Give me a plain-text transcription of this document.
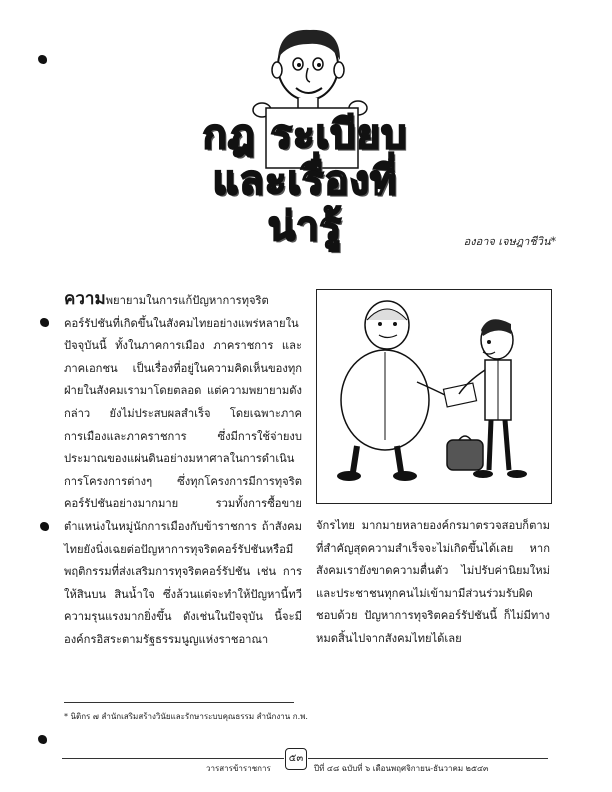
กฎ ระเบียบ
และเรื่องที่น่ารู้	องอาจ เจษฎาชีวิน*

ความพยายามในการแก้ปัญหาการทุจริตคอร์รัปชันที่เกิดขึ้นในสังคมไทยอย่างแพร่หลายในปัจจุบันนี้ ทั้งในภาคการเมือง ภาคราชการ และภาคเอกชน เป็นเรื่องที่อยู่ในความคิดเห็นของทุกฝ่ายในสังคมเรามาโดยตลอด แต่ความพยายามดังกล่าว ยังไม่ประสบผลสำเร็จ โดยเฉพาะภาคการเมืองและภาคราชการ ซึ่งมีการใช้จ่ายงบประมาณของแผ่นดินอย่างมหาศาลในการดำเนินการโครงการต่างๆ ซึ่งทุกโครงการมีการทุจริตคอร์รัปชันอย่างมากมาย รวมทั้งการซื้อขายตำแหน่งในหมู่นักการเมืองกับข้าราชการ ถ้าสังคมไทยยังนิ่งเฉยต่อปัญหาการทุจริตคอร์รัปชันหรือมีพฤติกรรมที่ส่งเสริมการทุจริตคอร์รัปชัน เช่น การให้สินบน สินน้ำใจ ซึ่งล้วนแต่จะทำให้ปัญหานี้ทวีความรุนแรงมากยิ่งขึ้น ดังเช่นในปัจจุบัน นี้จะมีองค์กรอิสระตามรัฐธรรมนูญแห่งราชอาณา

จักรไทย มากมายหลายองค์กรมาตรวจสอบก็ตาม ที่สำคัญสุดความสำเร็จจะไม่เกิดขึ้นได้เลย หากสังคมเรายังขาดความตื่นตัว ไม่ปรับค่านิยมใหม่และประชาชนทุกคนไม่เข้ามามีส่วนร่วมรับผิดชอบด้วย ปัญหาการทุจริตคอร์รัปชันนี้ ก็ไม่มีทางหมดสิ้นไปจากสังคมไทยได้เลย

* นิติกร ๗ สำนักเสริมสร้างวินัยและรักษาระบบคุณธรรม สำนักงาน ก.พ.
วารสารข้าราชการ
๕๓
ปีที่ ๔๘ ฉบับที่ ๖ เดือนพฤศจิกายน-ธันวาคม ๒๕๔๓
